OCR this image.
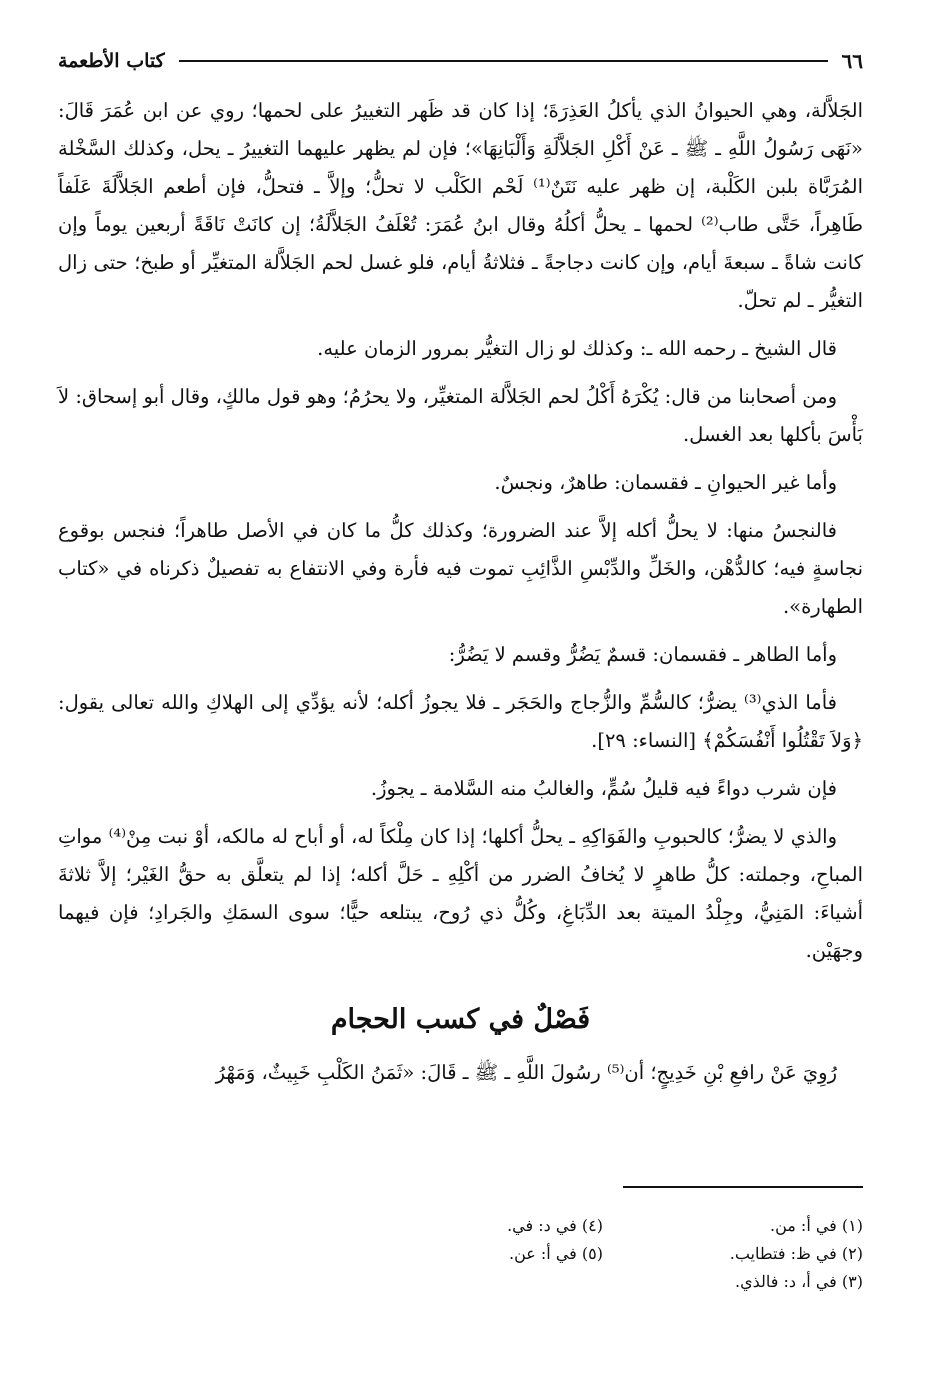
٦٦
كتاب الأطعمة

الجَلاَّلة، وهي الحيوانُ الذي يأكلُ العَذِرَةَ؛ إذا كان قد ظَهر التغييرُ على لحمها؛ روي عن ابن عُمَرَ قَالَ: «نَهَى رَسُولُ اللَّهِ ـ ﷺ ـ عَنْ أَكْلِ الجَلاَّلَةِ وَأَلْبَانِهَا»؛ فإن لم يظهر عليهما التغييرُ ـ يحل، وكذلك السَّخْلة المُرَبَّاة بلبن الكَلْبة، إن ظهر عليه نَتَنٌ⁽¹⁾ لَحْم الكَلْب لا تحلُّ؛ وإلاَّ ـ فتحلُّ، فإن أطعم الجَلاَّلَةَ عَلَفاً طَاهِراً، حَتَّى طاب⁽²⁾ لحمها ـ يحلُّ أكلُهُ وقال ابنُ عُمَرَ: تُعْلَفُ الجَلاَّلَةُ؛ إن كانَتْ نَاقَةً أربعين يوماً وإن كانت شاةً ـ سبعةَ أيام، وإن كانت دجاجةً ـ فثلاثةُ أيام، فلو غسل لحم الجَلاَّلة المتغيِّر أو طبخ؛ حتى زال التغيُّر ـ لم تحلّ.

قال الشيخ ـ رحمه الله ـ: وكذلك لو زال التغيُّر بمرور الزمان عليه.

ومن أصحابنا من قال: يُكْرَهُ أَكْلُ لحم الجَلاَّلة المتغيِّر، ولا يحرُمُ؛ وهو قول مالكٍ، وقال أبو إسحاق: لاَ بَأْسَ بأكلها بعد الغسل.

وأما غير الحيوانِ ـ فقسمان: طاهرٌ، ونجسٌ.

فالنجسُ منها: لا يحلُّ أكله إلاَّ عند الضرورة؛ وكذلك كلُّ ما كان في الأصل طاهراً؛ فنجس بوقوع نجاسةٍ فيه؛ كالدُّهْن، والخَلِّ والدِّبْسِ الذَّائِبِ تموت فيه فأرة وفي الانتفاع به تفصيلٌ ذكرناه في «كتاب الطهارة».

وأما الطاهر ـ فقسمان: قسمٌ يَضُرُّ وقسم لا يَضُرُّ:

فأما الذي⁽³⁾ يضرُّ؛ كالسُّمِّ والزُّجاج والحَجَر ـ فلا يجوزُ أكله؛ لأنه يؤدِّي إلى الهلاكِ والله تعالى يقول: ﴿وَلاَ تَقْتُلُوا أَنْفُسَكُمْ﴾ [النساء: ٢٩].

فإن شرب دواءً فيه قليلُ سُمٍّ، والغالبُ منه السَّلامة ـ يجوزُ.

والذي لا يضرُّ؛ كالحبوبِ والفَوَاكِهِ ـ يحلُّ أكلها؛ إذا كان مِلْكاً له، أو أباح له مالكه، أوْ نبت مِنْ⁽⁴⁾ مواتِ المباحِ، وجملته: كلُّ طاهرٍ لا يُخافُ الضرر من أكْلِهِ ـ حَلَّ أكله؛ إذا لم يتعلَّق به حقُّ الغَيْر؛ إلاَّ ثلاثةَ أشياءَ: المَنِيُّ، وجِلْدُ الميتة بعد الدِّبَاغِ، وكُلُّ ذي رُوح، يبتلعه حيًّا؛ سوى السمَكِ والجَرادِ؛ فإن فيهما وجهَيْن.

فَصْلٌ في كسب الحجام

رُوِيَ عَنْ رافعِ بْنِ خَدِيجٍ؛ أن⁽⁵⁾ رسُولَ اللَّهِ ـ ﷺ ـ قَالَ: «ثَمَنُ الكَلْبِ خَبِيثٌ، وَمَهْرُ

(١) في أ: من.
(٢) في ظ: فتطايب.
(٣) في أ، د: فالذي.
(٤) في د: في.
(٥) في أ: عن.
